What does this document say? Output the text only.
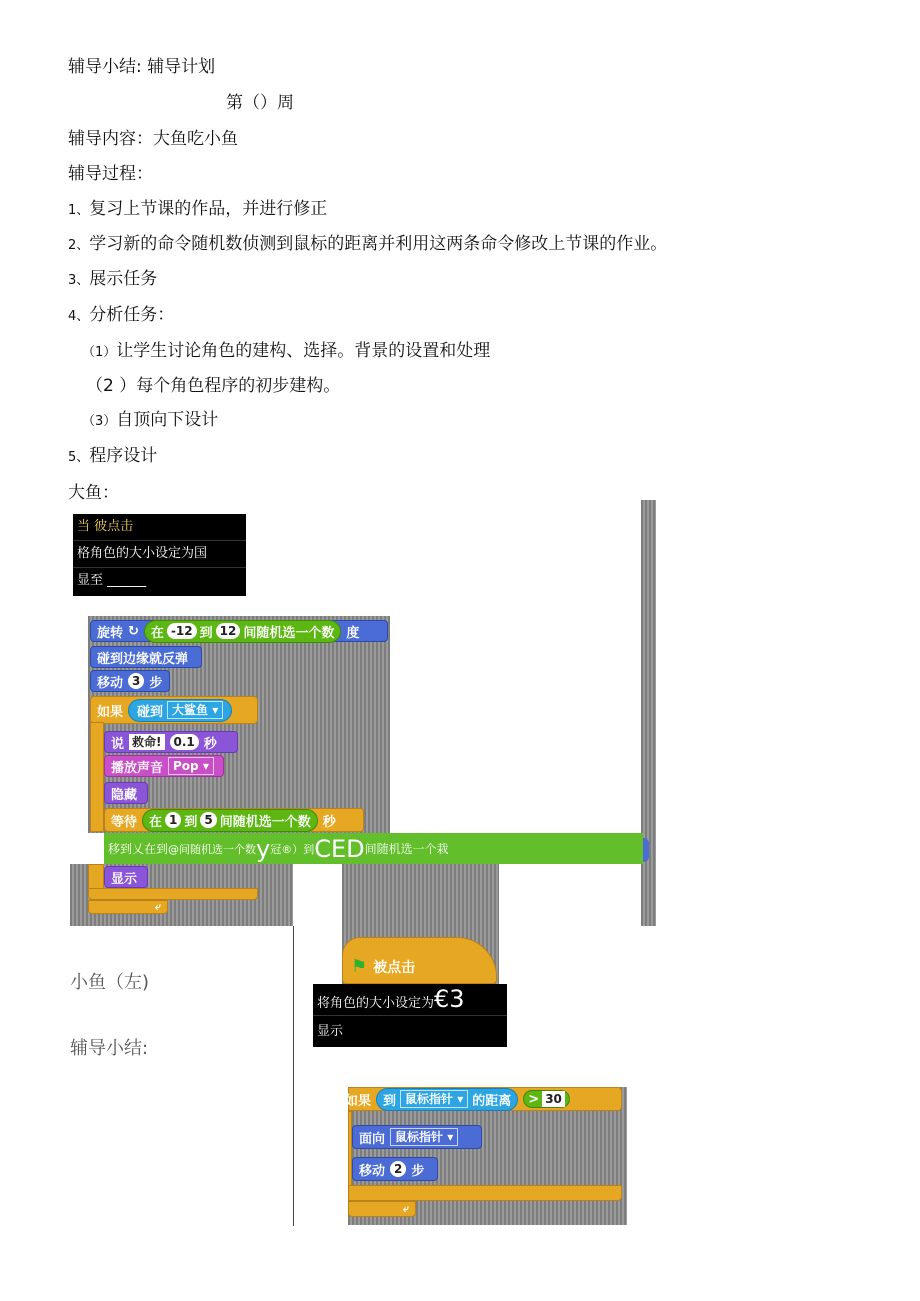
辅导小结: 辅导计划
第（）周
辅导内容：大鱼吃小鱼
辅导过程：
1、复习上节课的作品，并进行修正
2、学习新的命令随机数侦测到鼠标的距离并利用这两条命令修改上节课的作业。
3、展示任务
4、分析任务：
（1）让学生讨论角色的建构、选择。背景的设置和处理
（2 ）每个角色程序的初步建构。
（3）自顶向下设计
5、程序设计
大鱼：
当 彼点击
格角色的大小设定为国
显至 ______
旋转 ↻ 在 -12 到 12 间随机选一个数 度
碰到边缘就反弹
移动 3 步
如果 碰到 大鲨鱼 ▾
说 救命!	0.1 秒
播放声音 Pop ▾
隐藏
等待 在 1 到 5 间随机选一个数 秒
移到乂在到 @间随机选一个数 y 冠®）到 CED 间随机选一个栽
显示
⤶
⚑ 被点击
将角色的大小设定为€3
显示
小鱼（左)
辅导小结:
如果 到 鼠标指针 ▾ 的距离 > 30
面向 鼠标指针 ▾
移动 2 步
⤶
